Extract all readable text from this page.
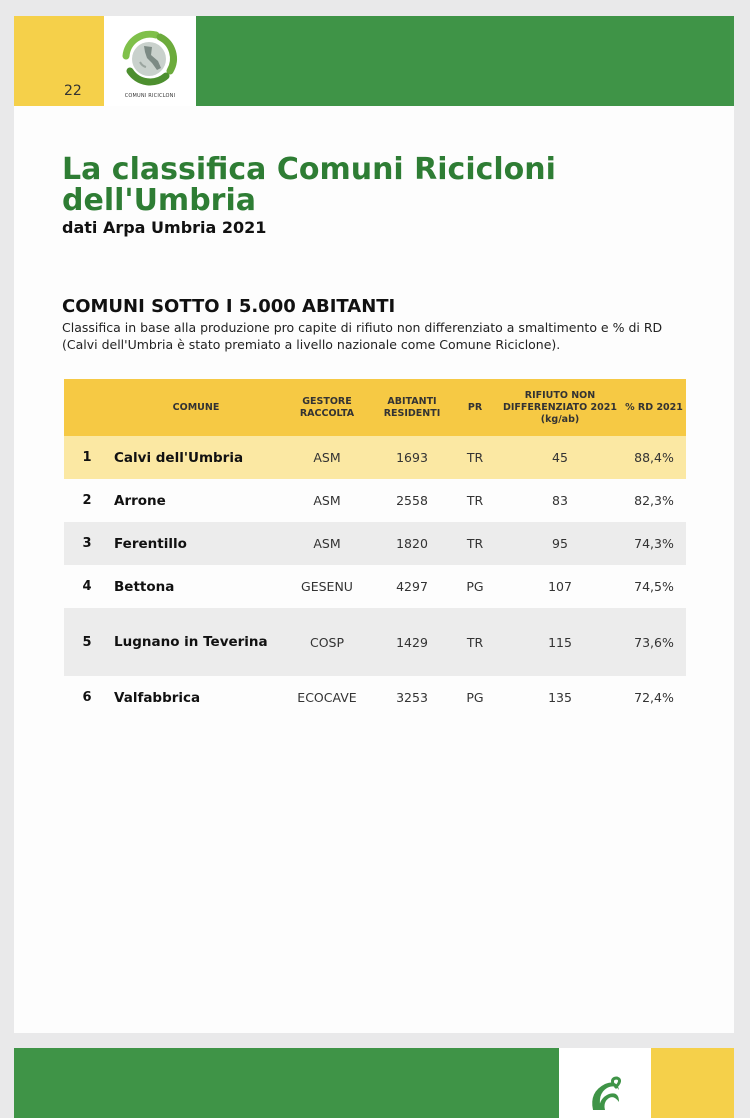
22	COMUNI RICICLONI
La classifica Comuni Ricicloni dell'Umbria
dati Arpa Umbria 2021
COMUNI SOTTO I 5.000 ABITANTI
Classifica in base alla produzione pro capite di rifiuto non differenziato a smaltimento e % di RD (Calvi dell'Umbria è stato premiato a livello nazionale come Comune Riciclone).
	COMUNE	GESTORE RACCOLTA	ABITANTI RESIDENTI	PR	RIFIUTO NON DIFFERENZIATO 2021 (kg/ab)	% RD 2021
1	Calvi dell'Umbria	ASM	1693	TR	45	88,4%
2	Arrone	ASM	2558	TR	83	82,3%
3	Ferentillo	ASM	1820	TR	95	74,3%
4	Bettona	GESENU	4297	PG	107	74,5%
5	Lugnano in Teverina	COSP	1429	TR	115	73,6%
6	Valfabbrica	ECOCAVE	3253	PG	135	72,4%
